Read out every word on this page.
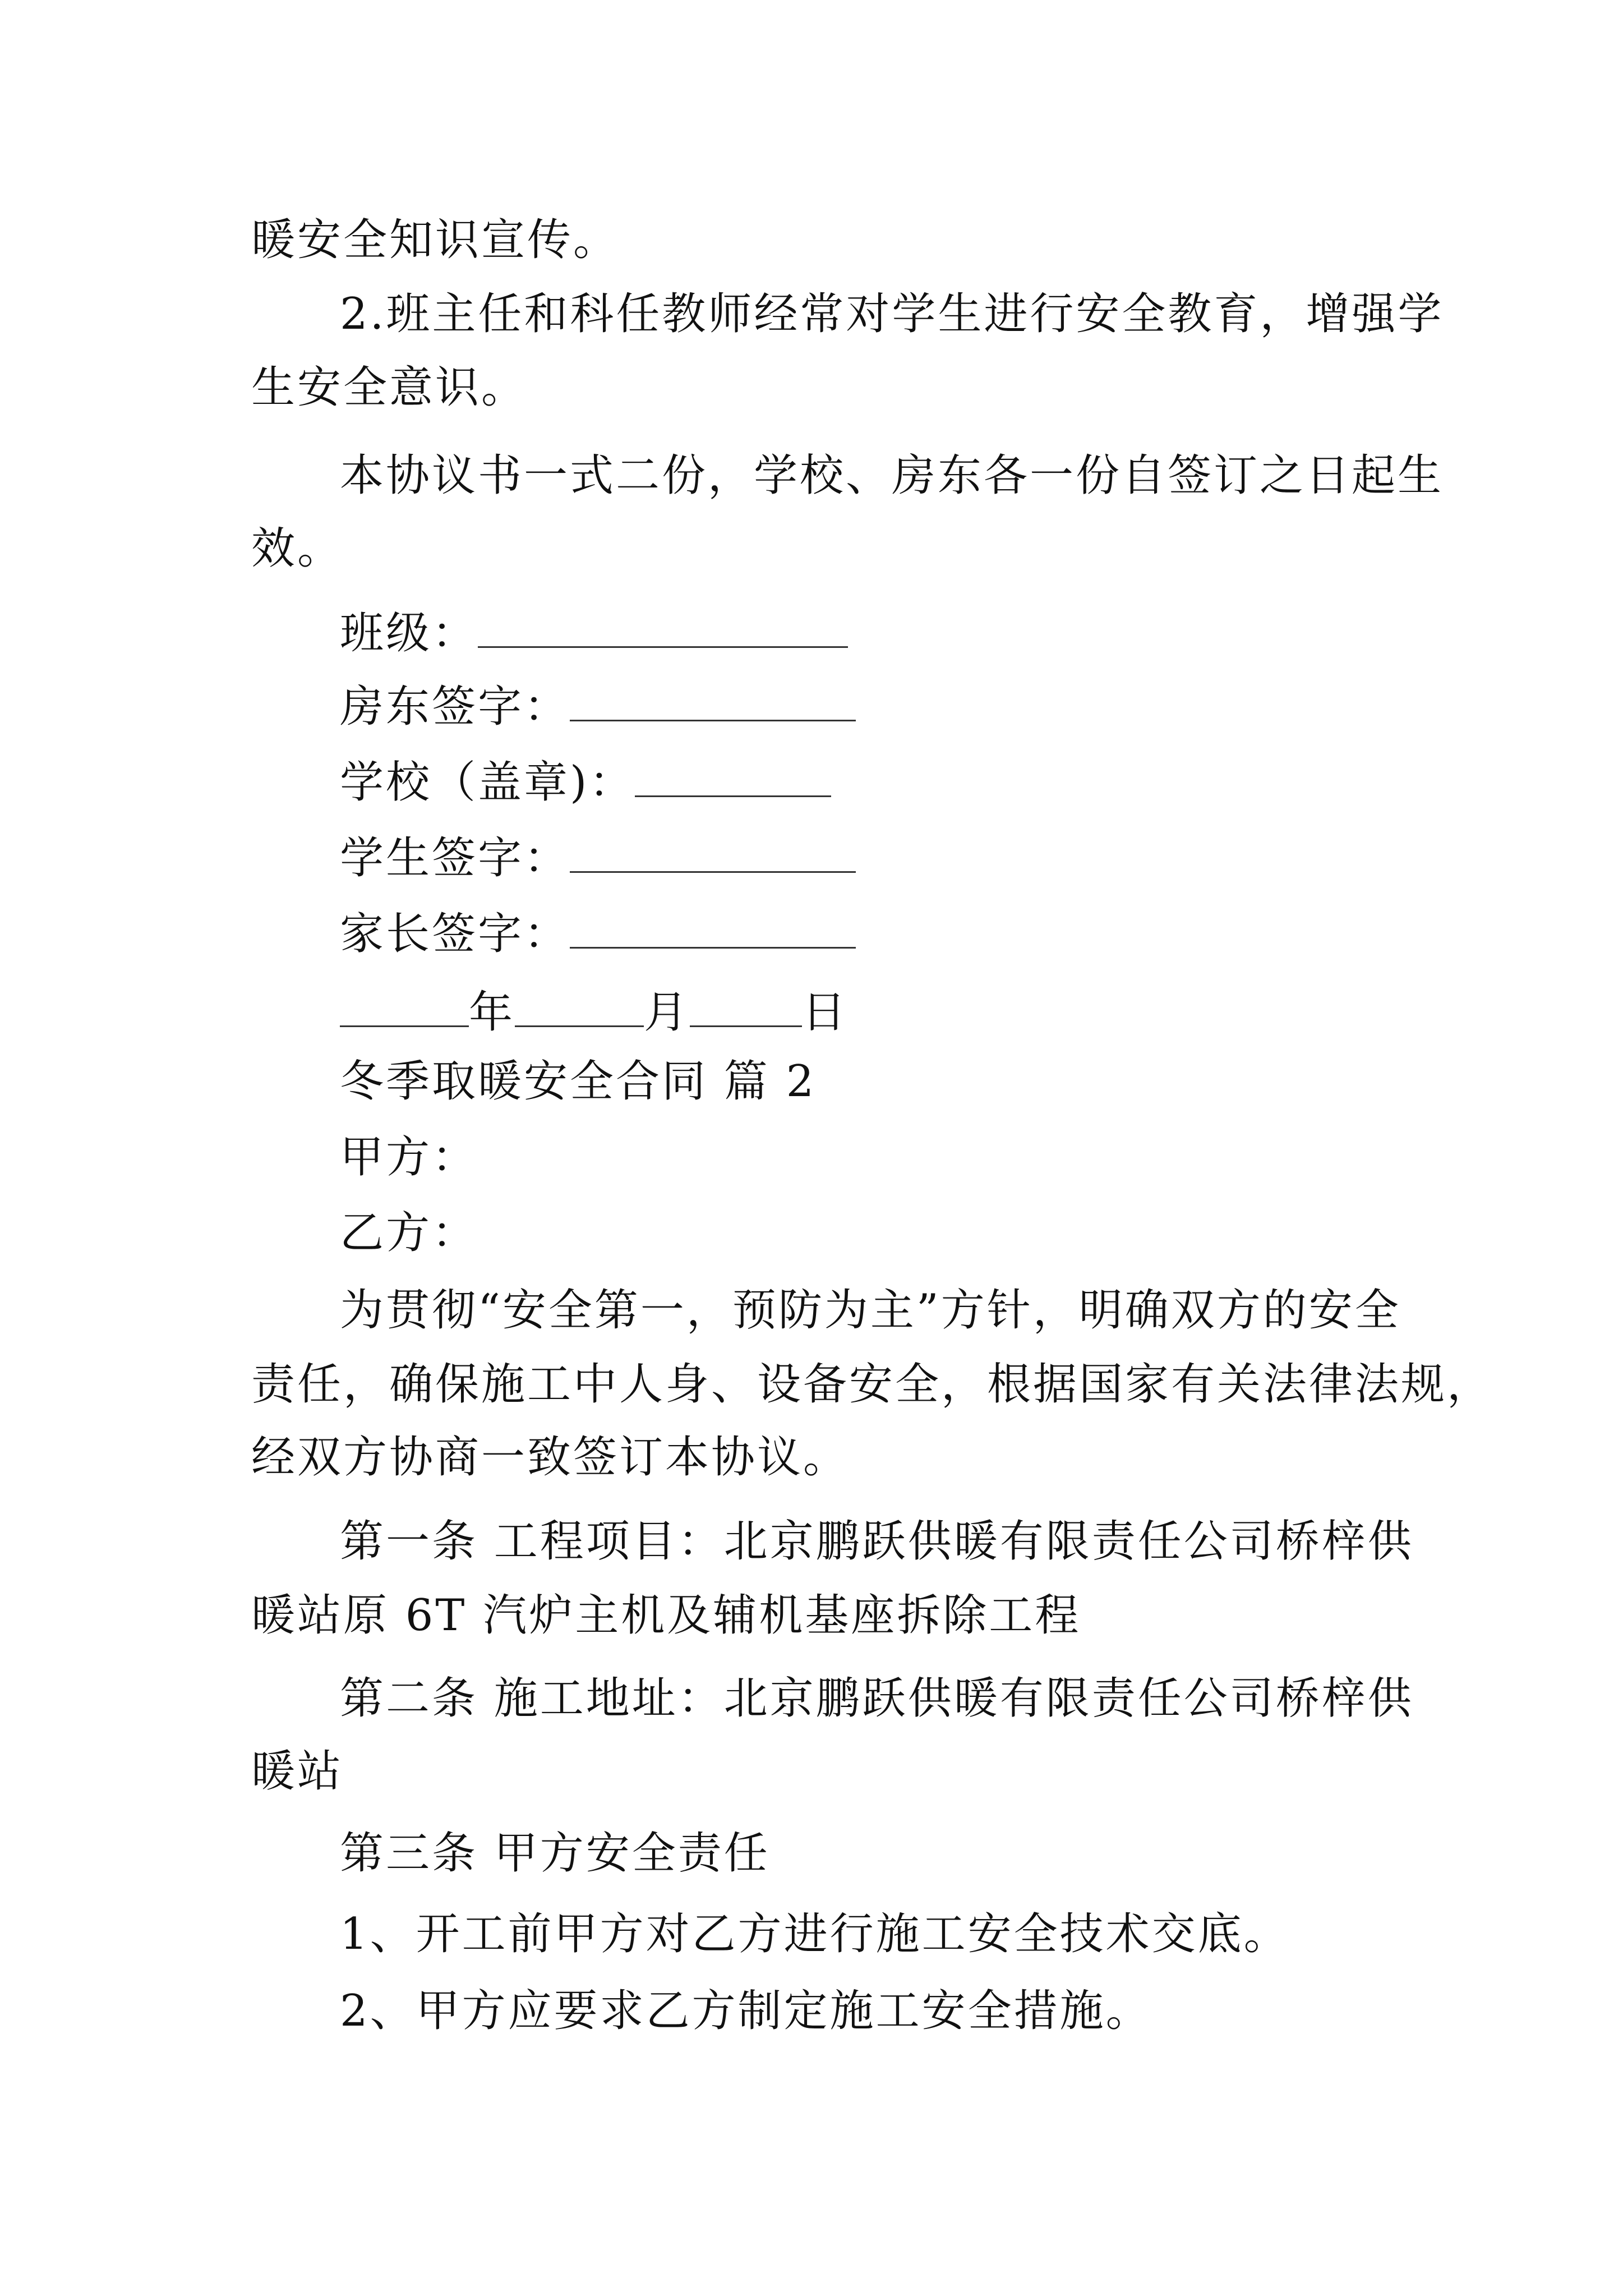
暖安全知识宣传。
2.班主任和科任教师经常对学生进行安全教育，增强学
生安全意识。
本协议书一式二份，学校、房东各一份自签订之日起生
效。
班级：
房东签字：
学校（盖章)：
学生签字：
家长签字：
年	月	日
冬季取暖安全合同 篇 2
甲方：
乙方：
为贯彻“安全第一，预防为主”方针，明确双方的安全
责任，确保施工中人身、设备安全，根据国家有关法律法规，
经双方协商一致签订本协议。
第一条 工程项目：北京鹏跃供暖有限责任公司桥梓供
暖站原 6T 汽炉主机及辅机基座拆除工程
第二条 施工地址：北京鹏跃供暖有限责任公司桥梓供
暖站
第三条 甲方安全责任
1、开工前甲方对乙方进行施工安全技术交底。
2、甲方应要求乙方制定施工安全措施。
